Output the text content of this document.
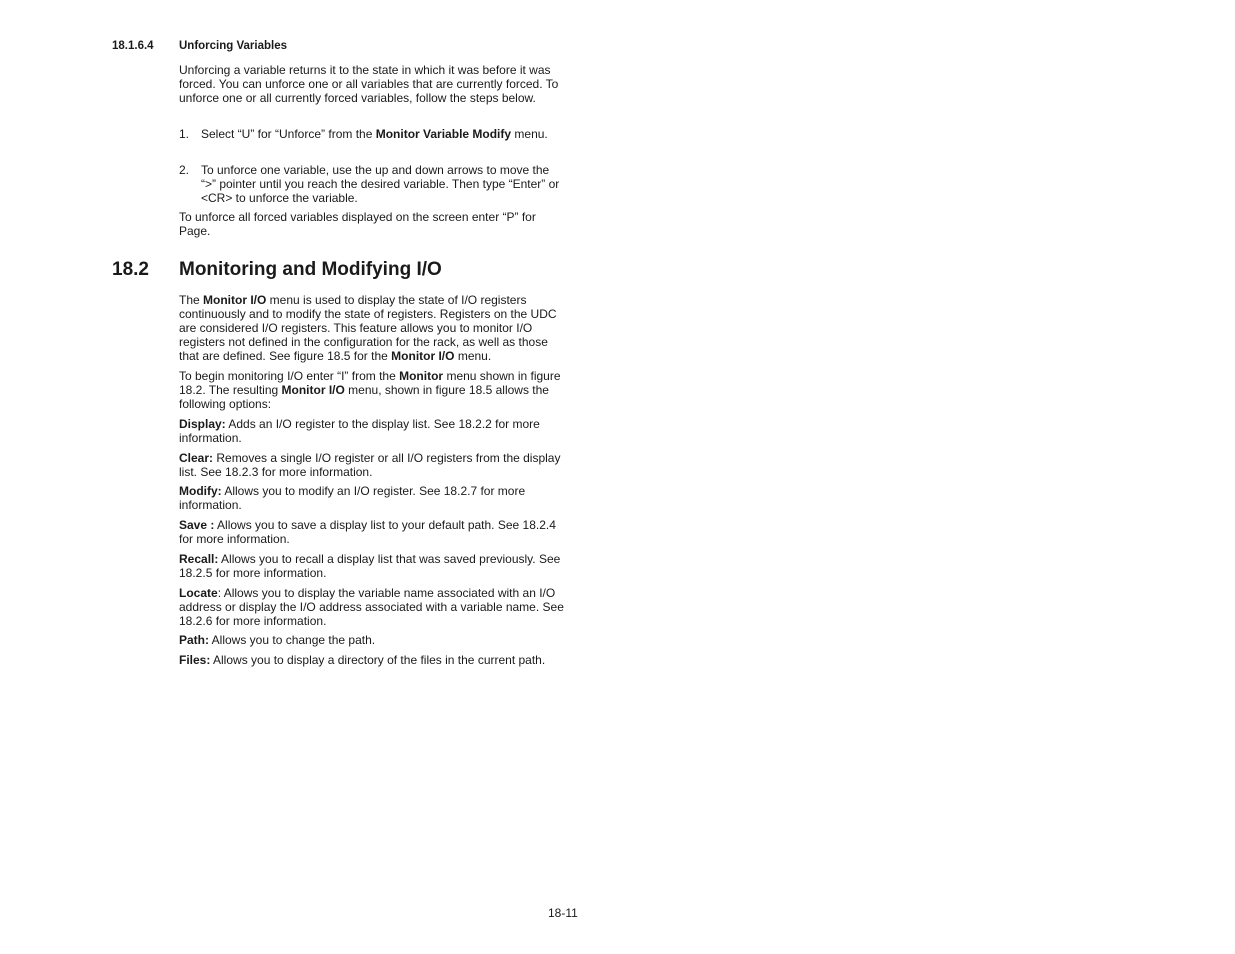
18.1.6.4 Unforcing Variables

Unforcing a variable returns it to the state in which it was before it was forced. You can unforce one or all variables that are currently forced. To unforce one or all currently forced variables, follow the steps below.

1. Select “U” for “Unforce” from the Monitor Variable Modify menu.
2. To unforce one variable, use the up and down arrows to move the “>” pointer until you reach the desired variable. Then type “Enter” or <CR> to unforce the variable.

To unforce all forced variables displayed on the screen enter “P” for Page.

18.2 Monitoring and Modifying I/O

The Monitor I/O menu is used to display the state of I/O registers continuously and to modify the state of registers. Registers on the UDC are considered I/O registers. This feature allows you to monitor I/O registers not defined in the configuration for the rack, as well as those that are defined. See figure 18.5 for the Monitor I/O menu.

To begin monitoring I/O enter “I” from the Monitor menu shown in figure 18.2. The resulting Monitor I/O menu, shown in figure 18.5 allows the following options:

Display: Adds an I/O register to the display list. See 18.2.2 for more information.

Clear: Removes a single I/O register or all I/O registers from the display list. See 18.2.3 for more information.

Modify: Allows you to modify an I/O register. See 18.2.7 for more information.

Save : Allows you to save a display list to your default path. See 18.2.4 for more information.

Recall: Allows you to recall a display list that was saved previously. See 18.2.5 for more information.

Locate: Allows you to display the variable name associated with an I/O address or display the I/O address associated with a variable name. See 18.2.6 for more information.

Path: Allows you to change the path.

Files: Allows you to display a directory of the files in the current path.

18-11
